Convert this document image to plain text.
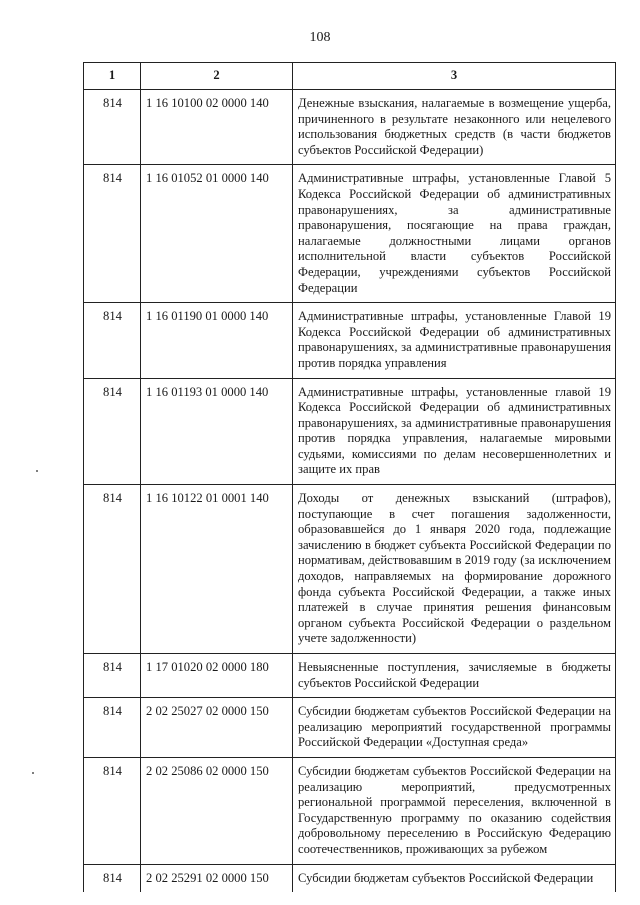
108
1	2	3
814	1 16 10100 02 0000 140	Денежные взыскания, налагаемые в возмещение ущерба, причиненного в результате незаконного или нецелевого использования бюджетных средств (в части бюджетов субъектов Российской Федерации)
814	1 16 01052 01 0000 140	Административные штрафы, установленные Главой 5 Кодекса Российской Федерации об административных правонарушениях, за административные правонарушения, посягающие на права граждан, налагаемые должностными лицами органов исполнительной власти субъектов Российской Федерации, учреждениями субъектов Российской Федерации
814	1 16 01190 01 0000 140	Административные штрафы, установленные Главой 19 Кодекса Российской Федерации об административных правонарушениях, за административные правонарушения против порядка управления
814	1 16 01193 01 0000 140	Административные штрафы, установленные главой 19 Кодекса Российской Федерации об административных правонарушениях, за административные правонарушения против порядка управления, налагаемые мировыми судьями, комиссиями по делам несовершеннолетних и защите их прав
814	1 16 10122 01 0001 140	Доходы от денежных взысканий (штрафов), поступающие в счет погашения задолженности, образовавшейся до 1 января 2020 года, подлежащие зачислению в бюджет субъекта Российской Федерации по нормативам, действовавшим в 2019 году (за исключением доходов, направляемых на формирование дорожного фонда субъекта Российской Федерации, а также иных платежей в случае принятия решения финансовым органом субъекта Российской Федерации о раздельном учете задолженности)
814	1 17 01020 02 0000 180	Невыясненные поступления, зачисляемые в бюджеты субъектов Российской Федерации
814	2 02 25027 02 0000 150	Субсидии бюджетам субъектов Российской Федерации на реализацию мероприятий государственной программы Российской Федерации «Доступная среда»
814	2 02 25086 02 0000 150	Субсидии бюджетам субъектов Российской Федерации на реализацию мероприятий, предусмотренных региональной программой переселения, включенной в Государственную программу по оказанию содействия добровольному переселению в Российскую Федерацию соотечественников, проживающих за рубежом
814	2 02 25291 02 0000 150	Субсидии бюджетам субъектов Российской Федерации
